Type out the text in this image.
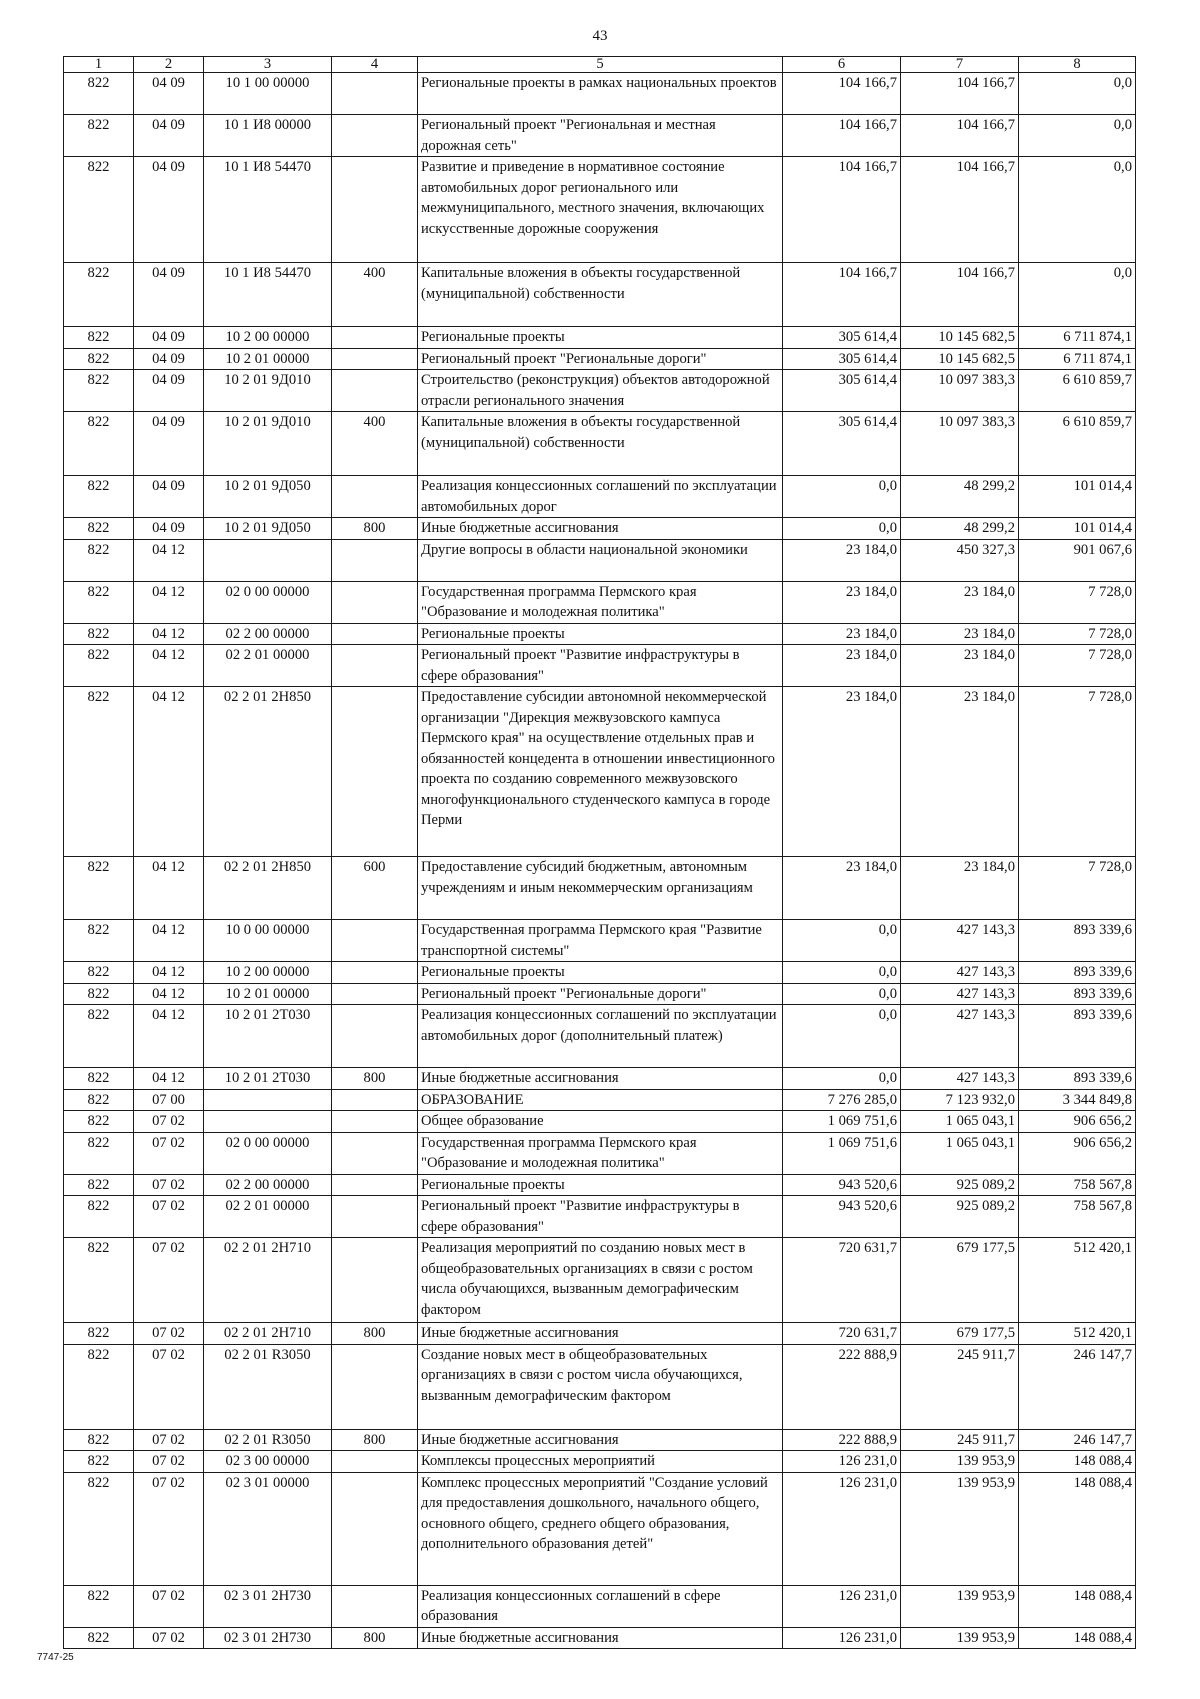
43
1	2	3	4	5	6	7	8
822	04 09	10 1 00 00000		Региональные проекты в рамках национальных проектов	104 166,7	104 166,7	0,0
822	04 09	10 1 И8 00000		Региональный проект "Региональная и местная дорожная сеть"	104 166,7	104 166,7	0,0
822	04 09	10 1 И8 54470		Развитие и приведение в нормативное состояние автомобильных дорог регионального или межмуниципального, местного значения, включающих искусственные дорожные сооружения	104 166,7	104 166,7	0,0
822	04 09	10 1 И8 54470	400	Капитальные вложения в объекты государственной (муниципальной) собственности	104 166,7	104 166,7	0,0
822	04 09	10 2 00 00000		Региональные проекты	305 614,4	10 145 682,5	6 711 874,1
822	04 09	10 2 01 00000		Региональный проект "Региональные дороги"	305 614,4	10 145 682,5	6 711 874,1
822	04 09	10 2 01 9Д010		Строительство (реконструкция) объектов автодорожной отрасли регионального значения	305 614,4	10 097 383,3	6 610 859,7
822	04 09	10 2 01 9Д010	400	Капитальные вложения в объекты государственной (муниципальной) собственности	305 614,4	10 097 383,3	6 610 859,7
822	04 09	10 2 01 9Д050		Реализация концессионных соглашений по эксплуатации автомобильных дорог	0,0	48 299,2	101 014,4
822	04 09	10 2 01 9Д050	800	Иные бюджетные ассигнования	0,0	48 299,2	101 014,4
822	04 12			Другие вопросы в области национальной экономики	23 184,0	450 327,3	901 067,6
822	04 12	02 0 00 00000		Государственная программа Пермского края "Образование и молодежная политика"	23 184,0	23 184,0	7 728,0
822	04 12	02 2 00 00000		Региональные проекты	23 184,0	23 184,0	7 728,0
822	04 12	02 2 01 00000		Региональный проект "Развитие инфраструктуры в сфере образования"	23 184,0	23 184,0	7 728,0
822	04 12	02 2 01 2Н850		Предоставление субсидии автономной некоммерческой организации "Дирекция межвузовского кампуса Пермского края" на осуществление отдельных прав и обязанностей концедента в отношении инвестиционного проекта по созданию современного межвузовского многофункционального студенческого кампуса в городе Перми	23 184,0	23 184,0	7 728,0
822	04 12	02 2 01 2Н850	600	Предоставление субсидий бюджетным, автономным учреждениям и иным некоммерческим организациям	23 184,0	23 184,0	7 728,0
822	04 12	10 0 00 00000		Государственная программа Пермского края "Развитие транспортной системы"	0,0	427 143,3	893 339,6
822	04 12	10 2 00 00000		Региональные проекты	0,0	427 143,3	893 339,6
822	04 12	10 2 01 00000		Региональный проект "Региональные дороги"	0,0	427 143,3	893 339,6
822	04 12	10 2 01 2Т030		Реализация концессионных соглашений по эксплуатации автомобильных дорог (дополнительный платеж)	0,0	427 143,3	893 339,6
822	04 12	10 2 01 2Т030	800	Иные бюджетные ассигнования	0,0	427 143,3	893 339,6
822	07 00			ОБРАЗОВАНИЕ	7 276 285,0	7 123 932,0	3 344 849,8
822	07 02			Общее образование	1 069 751,6	1 065 043,1	906 656,2
822	07 02	02 0 00 00000		Государственная программа Пермского края "Образование и молодежная политика"	1 069 751,6	1 065 043,1	906 656,2
822	07 02	02 2 00 00000		Региональные проекты	943 520,6	925 089,2	758 567,8
822	07 02	02 2 01 00000		Региональный проект "Развитие инфраструктуры в сфере образования"	943 520,6	925 089,2	758 567,8
822	07 02	02 2 01 2Н710		Реализация мероприятий по созданию новых мест в общеобразовательных организациях в связи с ростом числа обучающихся, вызванным демографическим фактором	720 631,7	679 177,5	512 420,1
822	07 02	02 2 01 2Н710	800	Иные бюджетные ассигнования	720 631,7	679 177,5	512 420,1
822	07 02	02 2 01 R3050		Создание новых мест в общеобразовательных организациях в связи с ростом числа обучающихся, вызванным демографическим фактором	222 888,9	245 911,7	246 147,7
822	07 02	02 2 01 R3050	800	Иные бюджетные ассигнования	222 888,9	245 911,7	246 147,7
822	07 02	02 3 00 00000		Комплексы процессных мероприятий	126 231,0	139 953,9	148 088,4
822	07 02	02 3 01 00000		Комплекс процессных мероприятий "Создание условий для предоставления дошкольного, начального общего, основного общего, среднего общего образования, дополнительного образования детей"	126 231,0	139 953,9	148 088,4
822	07 02	02 3 01 2Н730		Реализация концессионных соглашений в сфере образования	126 231,0	139 953,9	148 088,4
822	07 02	02 3 01 2Н730	800	Иные бюджетные ассигнования	126 231,0	139 953,9	148 088,4
7747-25
